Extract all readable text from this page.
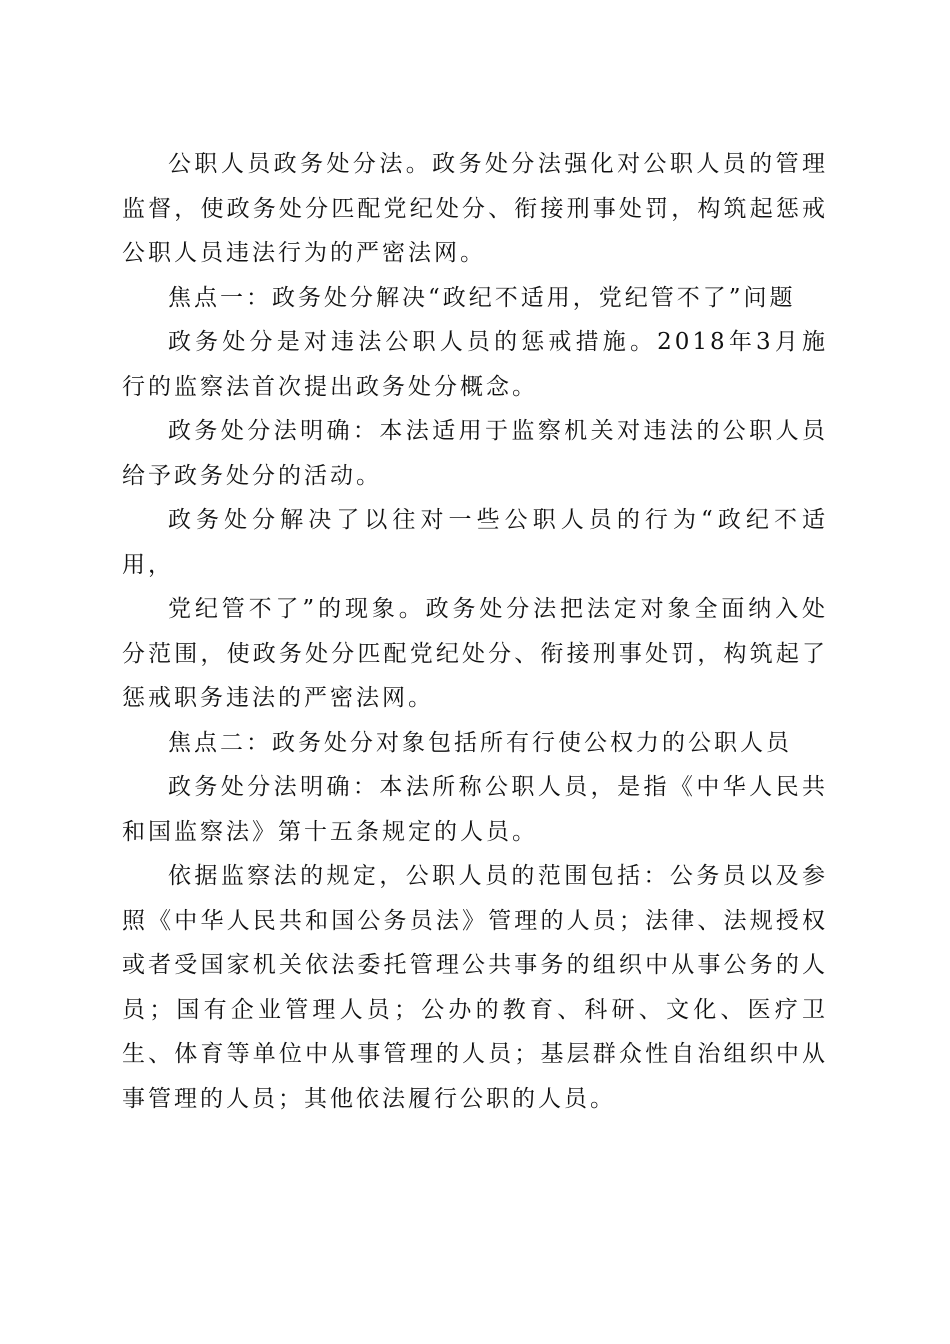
公职人员政务处分法。政务处分法强化对公职人员的管理监督，使政务处分匹配党纪处分、衔接刑事处罚，构筑起惩戒公职人员违法行为的严密法网。

焦点一：政务处分解决“政纪不适用，党纪管不了”问题

政务处分是对违法公职人员的惩戒措施。2018年3月施行的监察法首次提出政务处分概念。

政务处分法明确：本法适用于监察机关对违法的公职人员给予政务处分的活动。

政务处分解决了以往对一些公职人员的行为“政纪不适用，

党纪管不了”的现象。政务处分法把法定对象全面纳入处分范围，使政务处分匹配党纪处分、衔接刑事处罚，构筑起了惩戒职务违法的严密法网。

焦点二：政务处分对象包括所有行使公权力的公职人员

政务处分法明确：本法所称公职人员，是指《中华人民共和国监察法》第十五条规定的人员。

依据监察法的规定，公职人员的范围包括：公务员以及参照《中华人民共和国公务员法》管理的人员；法律、法规授权或者受国家机关依法委托管理公共事务的组织中从事公务的人员；国有企业管理人员；公办的教育、科研、文化、医疗卫生、体育等单位中从事管理的人员；基层群众性自治组织中从事管理的人员；其他依法履行公职的人员。
